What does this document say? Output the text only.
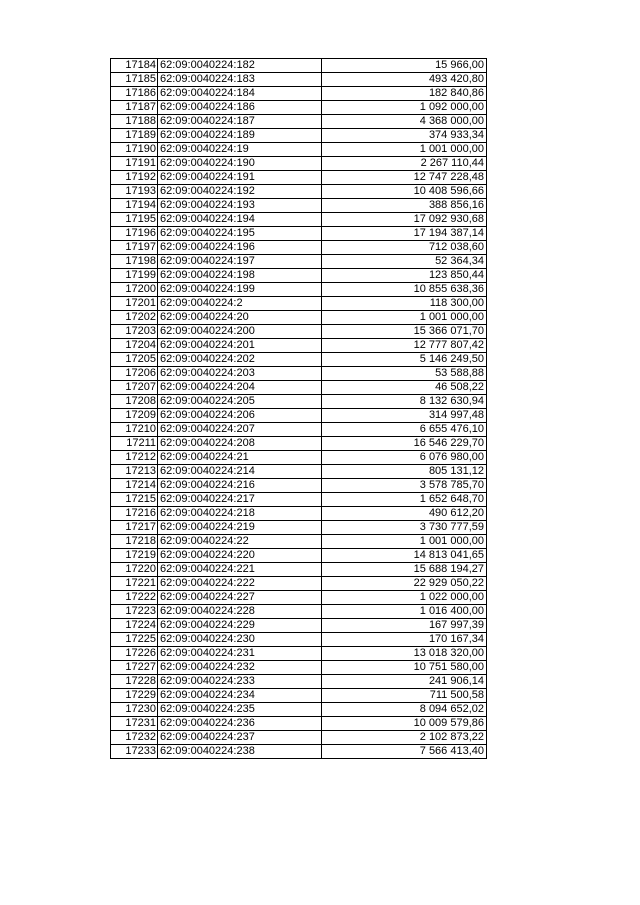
17184	62:09:0040224:182	15 966,00
17185	62:09:0040224:183	493 420,80
17186	62:09:0040224:184	182 840,86
17187	62:09:0040224:186	1 092 000,00
17188	62:09:0040224:187	4 368 000,00
17189	62:09:0040224:189	374 933,34
17190	62:09:0040224:19	1 001 000,00
17191	62:09:0040224:190	2 267 110,44
17192	62:09:0040224:191	12 747 228,48
17193	62:09:0040224:192	10 408 596,66
17194	62:09:0040224:193	388 856,16
17195	62:09:0040224:194	17 092 930,68
17196	62:09:0040224:195	17 194 387,14
17197	62:09:0040224:196	712 038,60
17198	62:09:0040224:197	52 364,34
17199	62:09:0040224:198	123 850,44
17200	62:09:0040224:199	10 855 638,36
17201	62:09:0040224:2	118 300,00
17202	62:09:0040224:20	1 001 000,00
17203	62:09:0040224:200	15 366 071,70
17204	62:09:0040224:201	12 777 807,42
17205	62:09:0040224:202	5 146 249,50
17206	62:09:0040224:203	53 588,88
17207	62:09:0040224:204	46 508,22
17208	62:09:0040224:205	8 132 630,94
17209	62:09:0040224:206	314 997,48
17210	62:09:0040224:207	6 655 476,10
17211	62:09:0040224:208	16 546 229,70
17212	62:09:0040224:21	6 076 980,00
17213	62:09:0040224:214	805 131,12
17214	62:09:0040224:216	3 578 785,70
17215	62:09:0040224:217	1 652 648,70
17216	62:09:0040224:218	490 612,20
17217	62:09:0040224:219	3 730 777,59
17218	62:09:0040224:22	1 001 000,00
17219	62:09:0040224:220	14 813 041,65
17220	62:09:0040224:221	15 688 194,27
17221	62:09:0040224:222	22 929 050,22
17222	62:09:0040224:227	1 022 000,00
17223	62:09:0040224:228	1 016 400,00
17224	62:09:0040224:229	167 997,39
17225	62:09:0040224:230	170 167,34
17226	62:09:0040224:231	13 018 320,00
17227	62:09:0040224:232	10 751 580,00
17228	62:09:0040224:233	241 906,14
17229	62:09:0040224:234	711 500,58
17230	62:09:0040224:235	8 094 652,02
17231	62:09:0040224:236	10 009 579,86
17232	62:09:0040224:237	2 102 873,22
17233	62:09:0040224:238	7 566 413,40
